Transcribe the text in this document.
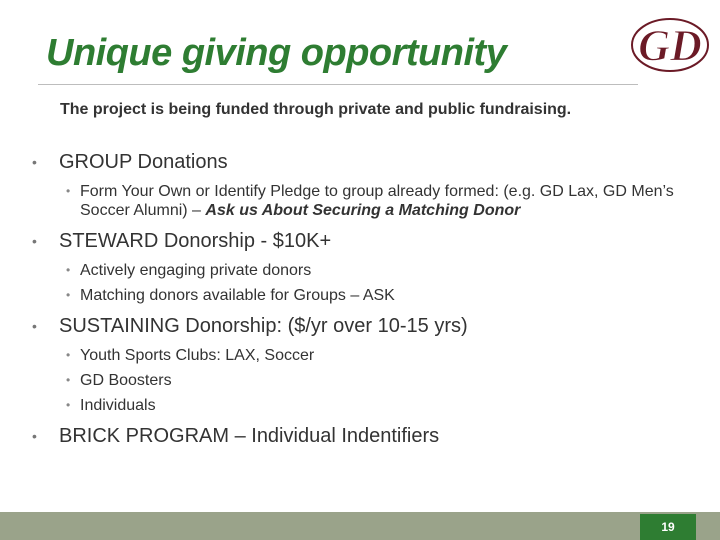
Unique giving opportunity	GD
The project is being funded through private and public fundraising.
• GROUP Donations
• Form Your Own or Identify Pledge to group already formed: (e.g. GD Lax, GD Men’s Soccer Alumni) – Ask us About Securing a Matching Donor
• STEWARD Donorship - $10K+
• Actively engaging private donors
• Matching donors available for Groups – ASK
• SUSTAINING Donorship: ($/yr over 10-15 yrs)
• Youth Sports Clubs: LAX, Soccer
• GD Boosters
• Individuals
• BRICK PROGRAM – Individual Indentifiers
19
